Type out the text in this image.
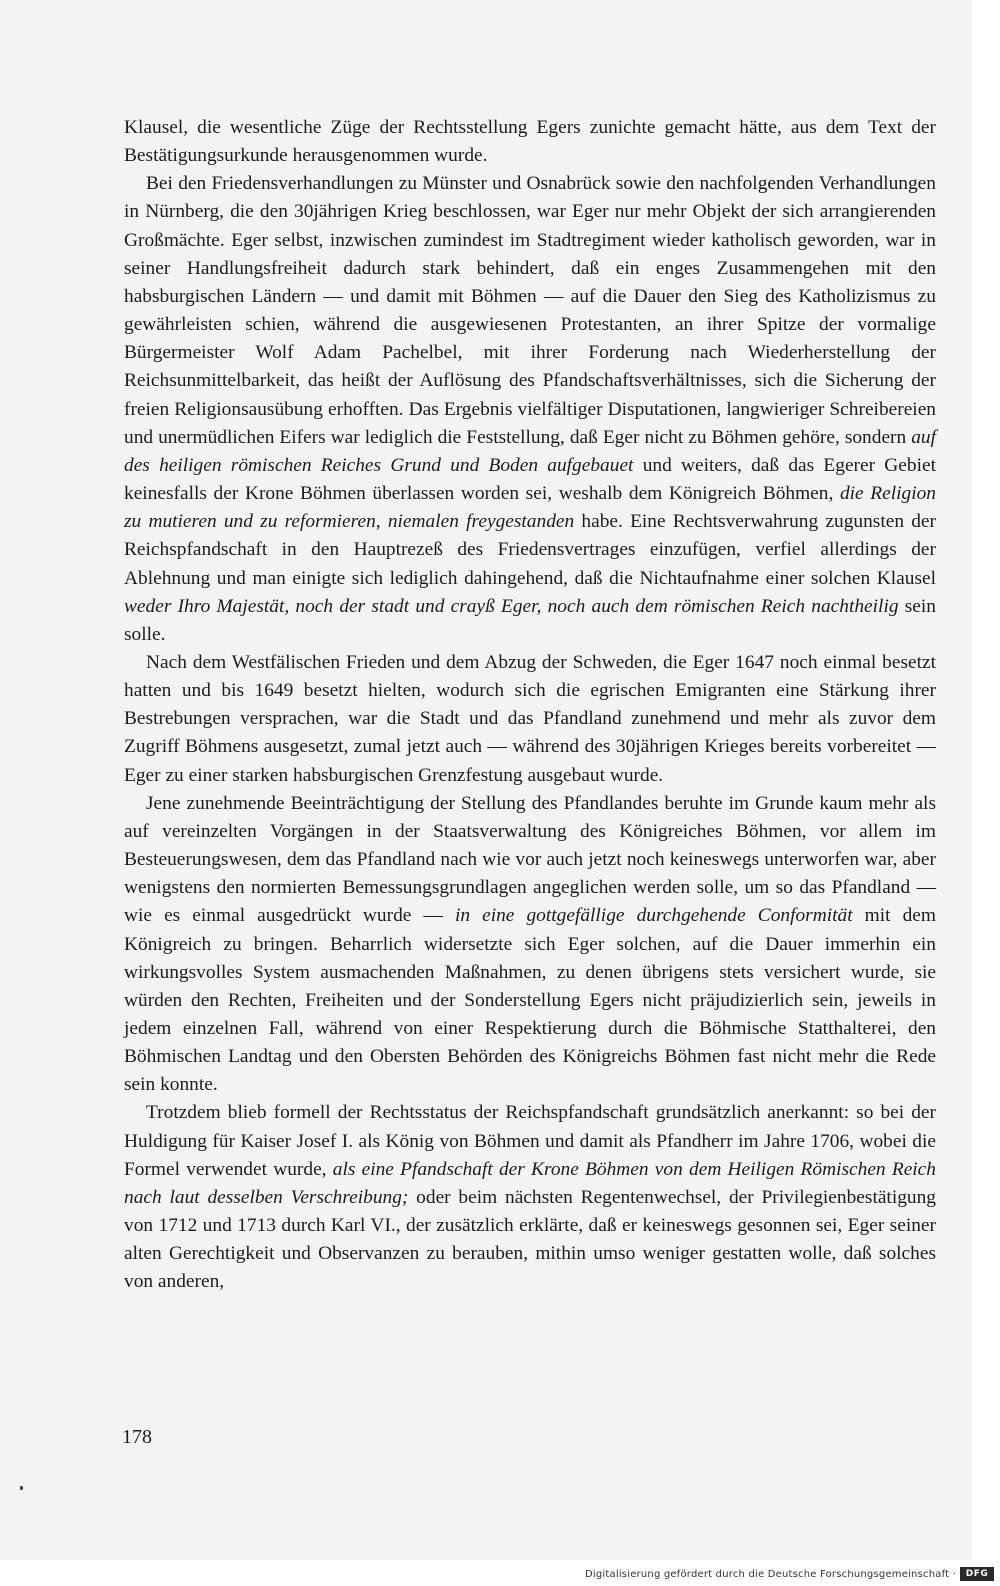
Klausel, die wesentliche Züge der Rechtsstellung Egers zunichte gemacht hätte, aus dem Text der Bestätigungsurkunde herausgenommen wurde.

Bei den Friedensverhandlungen zu Münster und Osnabrück sowie den nachfolgenden Verhandlungen in Nürnberg, die den 30jährigen Krieg beschlossen, war Eger nur mehr Objekt der sich arrangierenden Großmächte. Eger selbst, inzwischen zumindest im Stadtregiment wieder katholisch geworden, war in seiner Handlungsfreiheit dadurch stark behindert, daß ein enges Zusammengehen mit den habsburgischen Ländern — und damit mit Böhmen — auf die Dauer den Sieg des Katholizismus zu gewährleisten schien, während die ausgewiesenen Protestanten, an ihrer Spitze der vormalige Bürgermeister Wolf Adam Pachelbel, mit ihrer Forderung nach Wiederherstellung der Reichsunmittelbarkeit, das heißt der Auflösung des Pfandschaftsverhältnisses, sich die Sicherung der freien Religionsausübung erhofften. Das Ergebnis vielfältiger Disputationen, langwieriger Schreibereien und unermüdlichen Eifers war lediglich die Feststellung, daß Eger nicht zu Böhmen gehöre, sondern auf des heiligen römischen Reiches Grund und Boden aufgebauet und weiters, daß das Egerer Gebiet keinesfalls der Krone Böhmen überlassen worden sei, weshalb dem Königreich Böhmen, die Religion zu mutieren und zu reformieren, niemalen freygestanden habe. Eine Rechtsverwahrung zugunsten der Reichspfandschaft in den Hauptrezeß des Friedensvertrages einzufügen, verfiel allerdings der Ablehnung und man einigte sich lediglich dahingehend, daß die Nichtaufnahme einer solchen Klausel weder Ihro Majestät, noch der stadt und crayß Eger, noch auch dem römischen Reich nachtheilig sein solle.

Nach dem Westfälischen Frieden und dem Abzug der Schweden, die Eger 1647 noch einmal besetzt hatten und bis 1649 besetzt hielten, wodurch sich die egrischen Emigranten eine Stärkung ihrer Bestrebungen versprachen, war die Stadt und das Pfandland zunehmend und mehr als zuvor dem Zugriff Böhmens ausgesetzt, zumal jetzt auch — während des 30jährigen Krieges bereits vorbereitet — Eger zu einer starken habsburgischen Grenzfestung ausgebaut wurde.

Jene zunehmende Beeinträchtigung der Stellung des Pfandlandes beruhte im Grunde kaum mehr als auf vereinzelten Vorgängen in der Staatsverwaltung des Königreiches Böhmen, vor allem im Besteuerungswesen, dem das Pfandland nach wie vor auch jetzt noch keineswegs unterworfen war, aber wenigstens den normierten Bemessungsgrundlagen angeglichen werden solle, um so das Pfandland — wie es einmal ausgedrückt wurde — in eine gottgefällige durchgehende Conformität mit dem Königreich zu bringen. Beharrlich widersetzte sich Eger solchen, auf die Dauer immerhin ein wirkungsvolles System ausmachenden Maßnahmen, zu denen übrigens stets versichert wurde, sie würden den Rechten, Freiheiten und der Sonderstellung Egers nicht präjudizierlich sein, jeweils in jedem einzelnen Fall, während von einer Respektierung durch die Böhmische Statthalterei, den Böhmischen Landtag und den Obersten Behörden des Königreichs Böhmen fast nicht mehr die Rede sein konnte.

Trotzdem blieb formell der Rechtsstatus der Reichspfandschaft grundsätzlich anerkannt: so bei der Huldigung für Kaiser Josef I. als König von Böhmen und damit als Pfandherr im Jahre 1706, wobei die Formel verwendet wurde, als eine Pfandschaft der Krone Böhmen von dem Heiligen Römischen Reich nach laut desselben Verschreibung; oder beim nächsten Regentenwechsel, der Privilegienbestätigung von 1712 und 1713 durch Karl VI., der zusätzlich erklärte, daß er keineswegs gesonnen sei, Eger seiner alten Gerechtigkeit und Observanzen zu berauben, mithin umso weniger gestatten wolle, daß solches von anderen,

178
Digitalisierung gefördert durch die Deutsche Forschungsgemeinschaft ·	DFG
